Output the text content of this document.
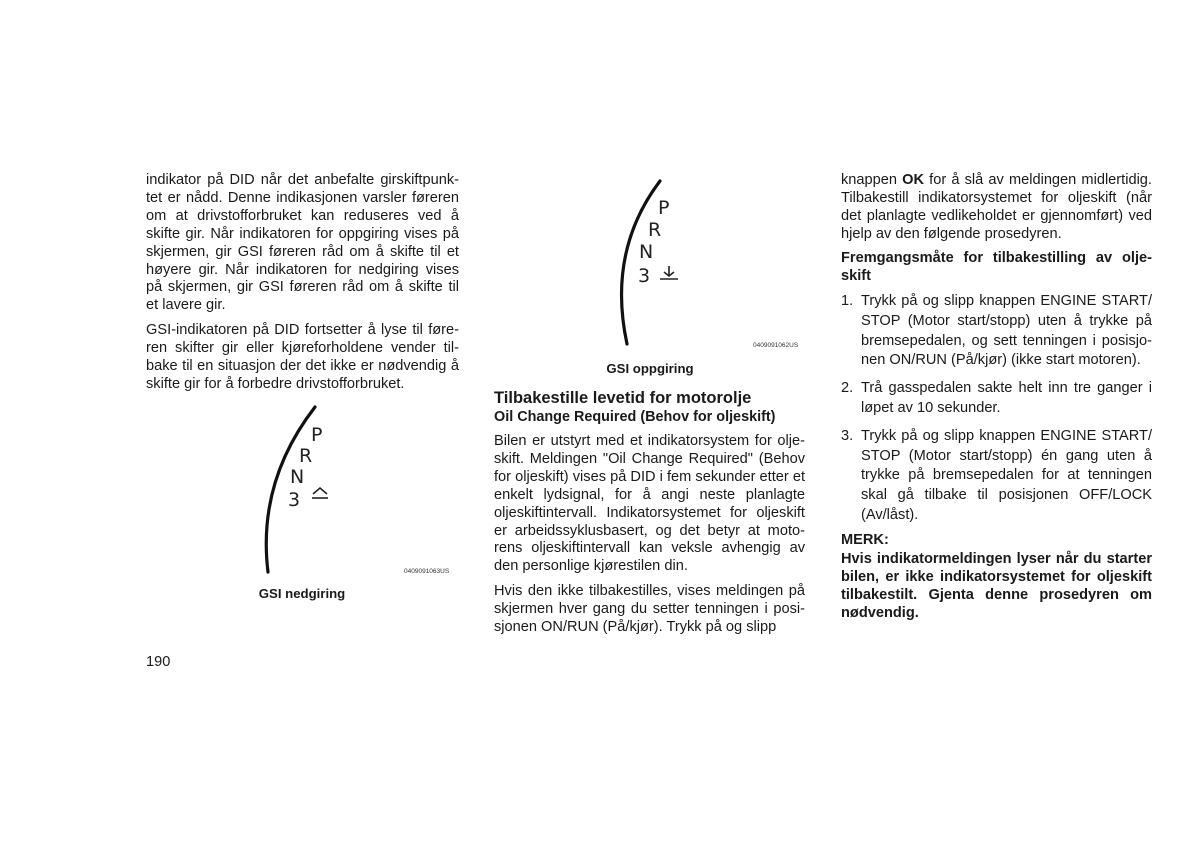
indikator på DID når det anbefalte girskiftpunk-tet er nådd. Denne indikasjonen varsler føreren om at drivstofforbruket kan reduseres ved å skifte gir. Når indikatoren for oppgiring vises på skjermen, gir GSI føreren råd om å skifte til et høyere gir. Når indikatoren for nedgiring vises på skjermen, gir GSI føreren råd om å skifte til et lavere gir.

GSI-indikatoren på DID fortsetter å lyse til føre-ren skifter gir eller kjøreforholdene vender til-bake til en situasjon der det ikke er nødvendig å skifte gir for å forbedre drivstofforbruket.

P
R
N
3
0409091063US
GSI nedgiring
190
P
R
N
3
0409091062US
GSI oppgiring
Tilbakestille levetid for motorolje
Oil Change Required (Behov for oljeskift)

Bilen er utstyrt med et indikatorsystem for olje-skift. Meldingen "Oil Change Required" (Behov for oljeskift) vises på DID i fem sekunder etter et enkelt lydsignal, for å angi neste planlagte oljeskiftintervall. Indikatorsystemet for oljeskift er arbeidssyklusbasert, og det betyr at moto-rens oljeskiftintervall kan veksle avhengig av den personlige kjørestilen din.

Hvis den ikke tilbakestilles, vises meldingen på skjermen hver gang du setter tenningen i posi-sjonen ON/RUN (På/kjør). Trykk på og slipp

knappen OK for å slå av meldingen midlertidig. Tilbakestill indikatorsystemet for oljeskift (når det planlagte vedlikeholdet er gjennomført) ved hjelp av den følgende prosedyren.

Fremgangsmåte for tilbakestilling av olje-skift

1. Trykk på og slipp knappen ENGINE START/ STOP (Motor start/stopp) uten å trykke på bremsepedalen, og sett tenningen i posisjo-nen ON/RUN (På/kjør) (ikke start motoren).
2. Trå gasspedalen sakte helt inn tre ganger i løpet av 10 sekunder.
3. Trykk på og slipp knappen ENGINE START/ STOP (Motor start/stopp) én gang uten å trykke på bremsepedalen for at tenningen skal gå tilbake til posisjonen OFF/LOCK (Av/låst).

MERK:

Hvis indikatormeldingen lyser når du starter bilen, er ikke indikatorsystemet for oljeskift tilbakestilt. Gjenta denne prosedyren om nødvendig.
